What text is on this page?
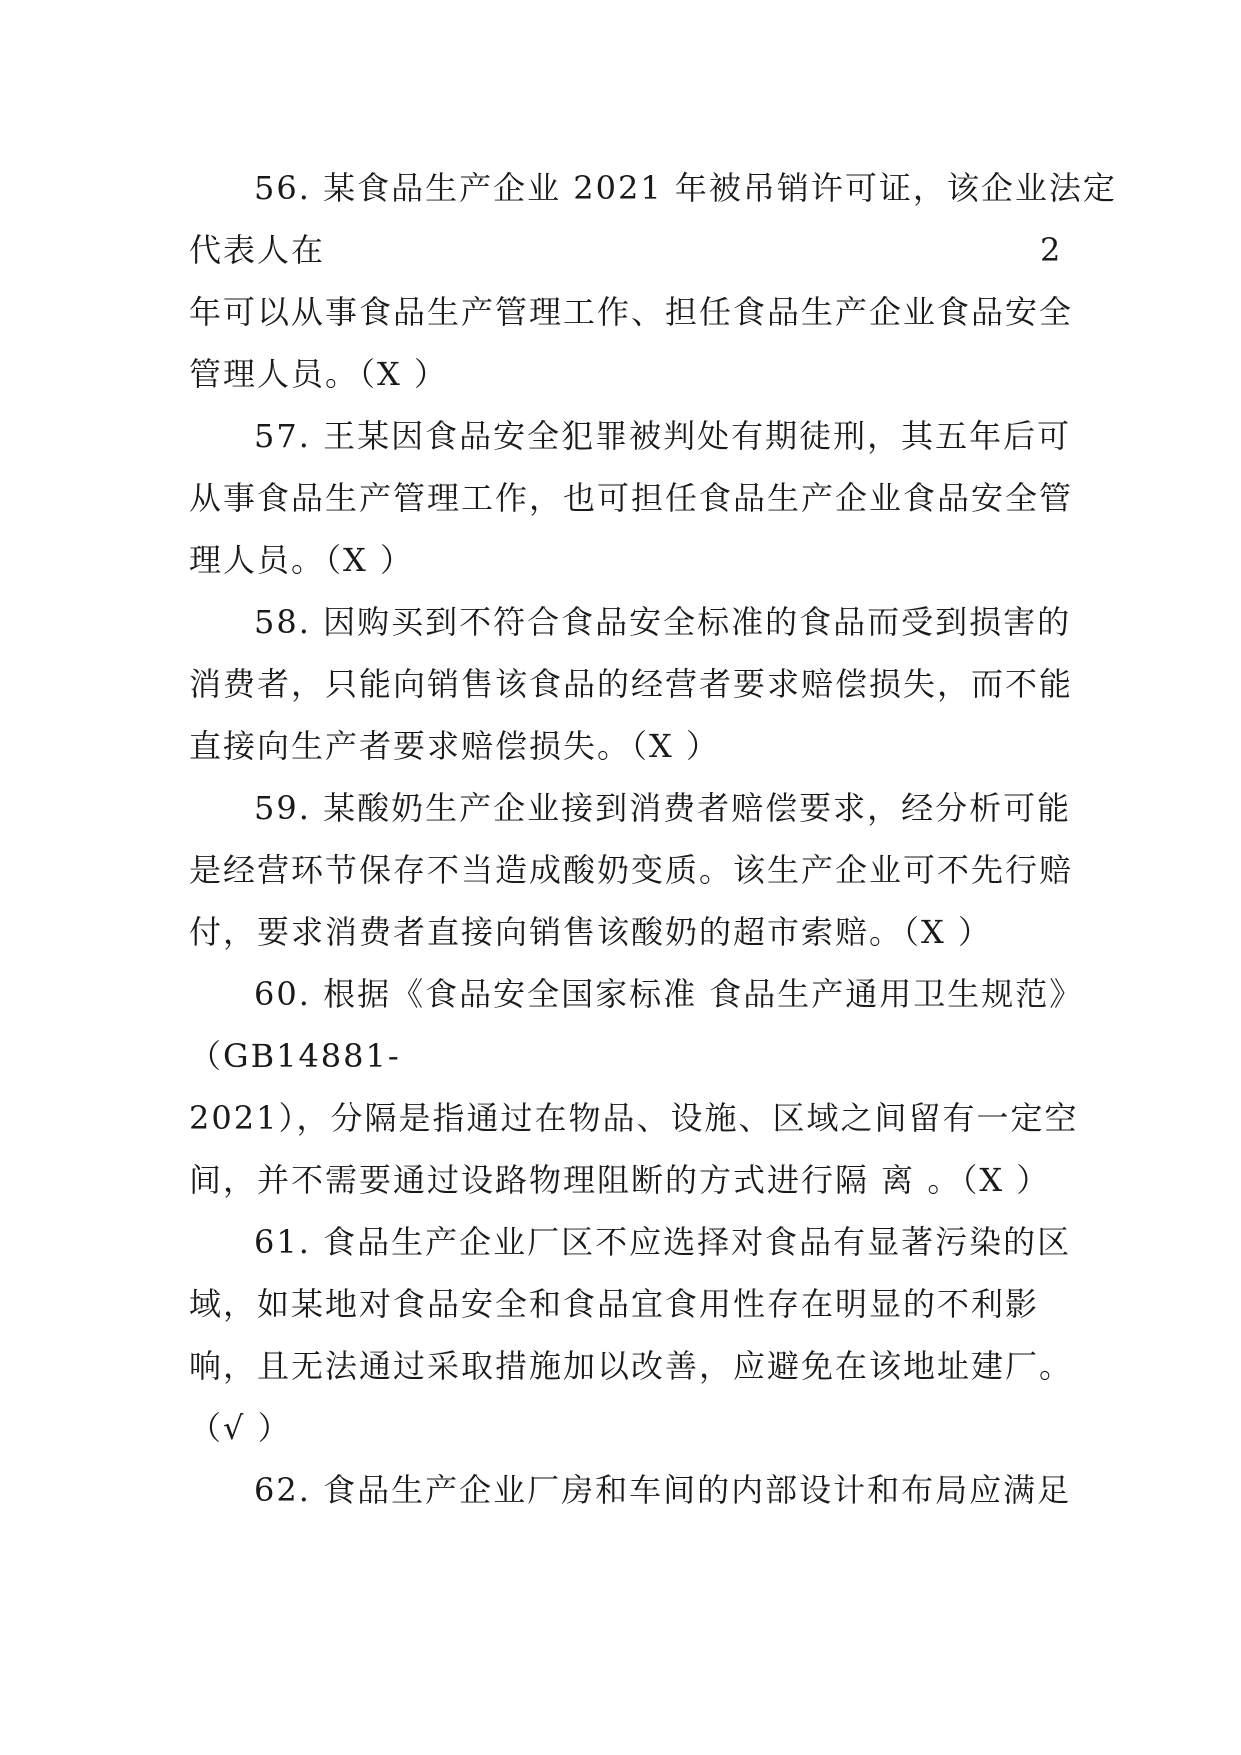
56. 某食品生产企业 2021 年被吊销许可证，该企业法定
代表人在	2
年可以从事食品生产管理工作、担任食品生产企业食品安全
管理人员。（X ）
57. 王某因食品安全犯罪被判处有期徒刑，其五年后可
从事食品生产管理工作，也可担任食品生产企业食品安全管
理人员。（X ）
58. 因购买到不符合食品安全标准的食品而受到损害的
消费者，只能向销售该食品的经营者要求赔偿损失，而不能
直接向生产者要求赔偿损失。（X ）
59. 某酸奶生产企业接到消费者赔偿要求，经分析可能
是经营环节保存不当造成酸奶变质。该生产企业可不先行赔
付，要求消费者直接向销售该酸奶的超市索赔。（X ）
60. 根据《食品安全国家标准 食品生产通用卫生规范》
（GB14881-
2021），分隔是指通过在物品、设施、区域之间留有一定空
间，并不需要通过设路物理阻断的方式进行隔 离 。（X ）
61. 食品生产企业厂区不应选择对食品有显著污染的区
域，如某地对食品安全和食品宜食用性存在明显的不利影
响，且无法通过采取措施加以改善，应避免在该地址建厂。
（√ ）
62. 食品生产企业厂房和车间的内部设计和布局应满足
